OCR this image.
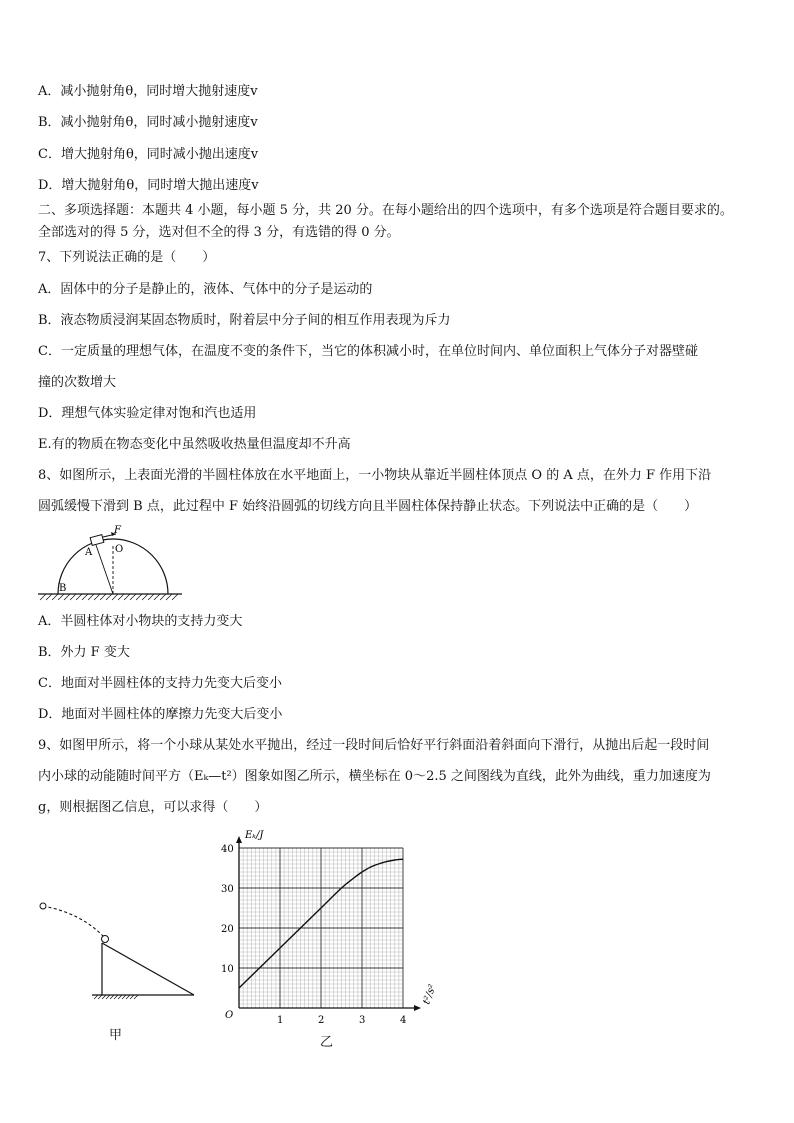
A．减小抛射角θ，同时增大抛射速度v
B．减小抛射角θ，同时减小抛射速度v
C．增大抛射角θ，同时减小抛出速度v
D．增大抛射角θ，同时增大抛出速度v
二、多项选择题：本题共 4 小题，每小题 5 分，共 20 分。在每小题给出的四个选项中，有多个选项是符合题目要求的。
全部选对的得 5 分，选对但不全的得 3 分，有选错的得 0 分。
7、下列说法正确的是（　　）
A．固体中的分子是静止的，液体、气体中的分子是运动的
B．液态物质浸润某固态物质时，附着层中分子间的相互作用表现为斥力
C．一定质量的理想气体，在温度不变的条件下，当它的体积减小时，在单位时间内、单位面积上气体分子对器壁碰
撞的次数增大
D．理想气体实验定律对饱和汽也适用
E.有的物质在物态变化中虽然吸收热量但温度却不升高
8、如图所示，上表面光滑的半圆柱体放在水平地面上，一小物块从靠近半圆柱体顶点 O 的 A 点，在外力 F 作用下沿
圆弧缓慢下滑到 B 点，此过程中 F 始终沿圆弧的切线方向且半圆柱体保持静止状态。下列说法中正确的是（　　）
F
A O
B
A．半圆柱体对小物块的支持力变大
B．外力 F 变大
C．地面对半圆柱体的支持力先变大后变小
D．地面对半圆柱体的摩擦力先变大后变小
9、如图甲所示，将一个小球从某处水平抛出，经过一段时间后恰好平行斜面沿着斜面向下滑行，从抛出后起一段时间
内小球的动能随时间平方（Eₖ—t²）图象如图乙所示，横坐标在 0～2.5 之间图线为直线，此外为曲线，重力加速度为
g，则根据图乙信息，可以求得（　　）
甲
Eₖ/J
t²/s²
O	1	2	3	4
10
20
30
40
乙
